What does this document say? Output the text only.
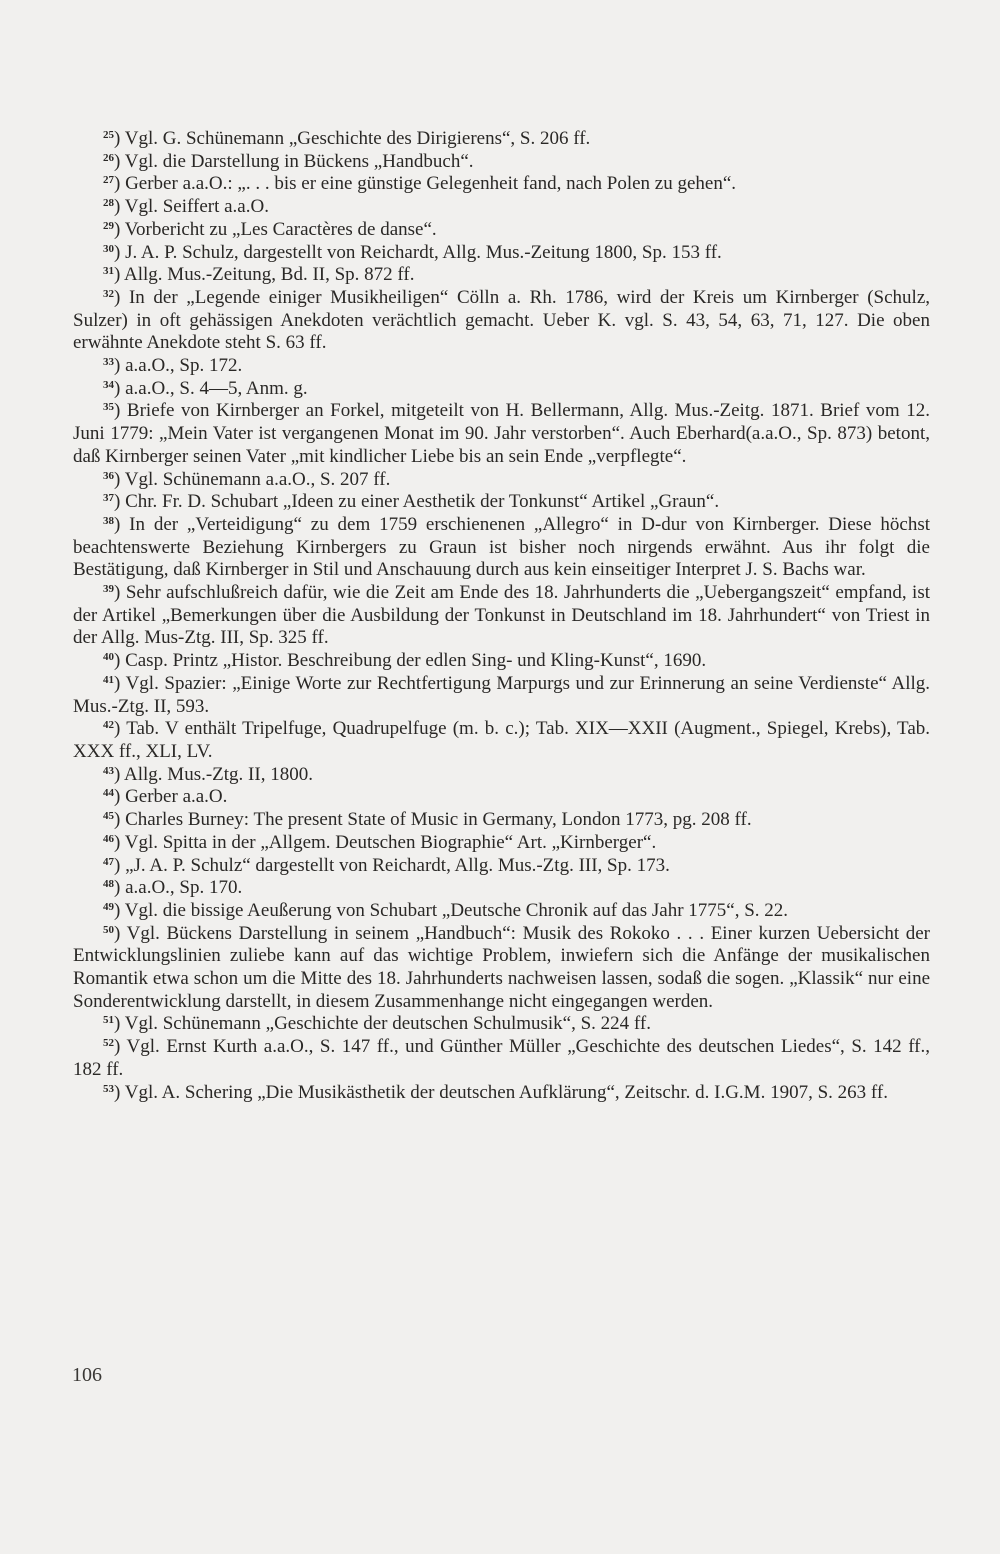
$^{25}$) Vgl. G. Schünemann „Geschichte des Dirigierens“, S. 206 ff.

$^{26}$) Vgl. die Darstellung in Bückens „Handbuch“.

$^{27}$) Gerber a.a.O.: „. . . bis er eine günstige Gelegenheit fand, nach Polen zu gehen“.

$^{28}$) Vgl. Seiffert a.a.O.

$^{29}$) Vorbericht zu „Les Caractères de danse“.

$^{30}$) J. A. P. Schulz, dargestellt von Reichardt, Allg. Mus.-Zeitung 1800, Sp. 153 ff.

$^{31}$) Allg. Mus.-Zeitung, Bd. II, Sp. 872 ff.

$^{32}$) In der „Legende einiger Musikheiligen“ Cölln a. Rh. 1786, wird der Kreis um Kirnberger (Schulz, Sulzer) in oft gehässigen Anekdoten verächtlich gemacht. Ueber K. vgl. S. 43, 54, 63, 71, 127. Die oben erwähnte Anekdote steht S. 63 ff.

$^{33}$) a.a.O., Sp. 172.

$^{34}$) a.a.O., S. 4—5, Anm. g.

$^{35}$) Briefe von Kirnberger an Forkel, mitgeteilt von H. Bellermann, Allg. Mus.-Zeitg. 1871. Brief vom 12. Juni 1779: „Mein Vater ist vergangenen Monat im 90. Jahr verstorben“. Auch Eberhard(a.a.O., Sp. 873) betont, daß Kirnberger seinen Vater „mit kindlicher Liebe bis an sein Ende „verpflegte“.

$^{36}$) Vgl. Schünemann a.a.O., S. 207 ff.

$^{37}$) Chr. Fr. D. Schubart „Ideen zu einer Aesthetik der Tonkunst“ Artikel „Graun“.

$^{38}$) In der „Verteidigung“ zu dem 1759 erschienenen „Allegro“ in D-dur von Kirnberger. Diese höchst beachtenswerte Beziehung Kirnbergers zu Graun ist bisher noch nirgends erwähnt. Aus ihr folgt die Bestätigung, daß Kirnberger in Stil und Anschauung durch aus kein einseitiger Interpret J. S. Bachs war.

$^{39}$) Sehr aufschlußreich dafür, wie die Zeit am Ende des 18. Jahrhunderts die „Uebergangszeit“ empfand, ist der Artikel „Bemerkungen über die Ausbildung der Tonkunst in Deutschland im 18. Jahrhundert“ von Triest in der Allg. Mus-Ztg. III, Sp. 325 ff.

$^{40}$) Casp. Printz „Histor. Beschreibung der edlen Sing- und Kling-Kunst“, 1690.

$^{41}$) Vgl. Spazier: „Einige Worte zur Rechtfertigung Marpurgs und zur Erinnerung an seine Verdienste“ Allg. Mus.-Ztg. II, 593.

$^{42}$) Tab. V enthält Tripelfuge, Quadrupelfuge (m. b. c.); Tab. XIX—XXII (Augment., Spiegel, Krebs), Tab. XXX ff., XLI, LV.

$^{43}$) Allg. Mus.-Ztg. II, 1800.

$^{44}$) Gerber a.a.O.

$^{45}$) Charles Burney: The present State of Music in Germany, London 1773, pg. 208 ff.

$^{46}$) Vgl. Spitta in der „Allgem. Deutschen Biographie“ Art. „Kirnberger“.

$^{47}$) „J. A. P. Schulz“ dargestellt von Reichardt, Allg. Mus.-Ztg. III, Sp. 173.

$^{48}$) a.a.O., Sp. 170.

$^{49}$) Vgl. die bissige Aeußerung von Schubart „Deutsche Chronik auf das Jahr 1775“, S. 22.

$^{50}$) Vgl. Bückens Darstellung in seinem „Handbuch“: Musik des Rokoko . . . Einer kurzen Uebersicht der Entwicklungslinien zuliebe kann auf das wichtige Problem, inwiefern sich die Anfänge der musikalischen Romantik etwa schon um die Mitte des 18. Jahrhunderts nachweisen lassen, sodaß die sogen. „Klassik“ nur eine Sonderentwicklung darstellt, in diesem Zusammenhange nicht eingegangen werden.

$^{51}$) Vgl. Schünemann „Geschichte der deutschen Schulmusik“, S. 224 ff.

$^{52}$) Vgl. Ernst Kurth a.a.O., S. 147 ff., und Günther Müller „Geschichte des deutschen Liedes“, S. 142 ff., 182 ff.

$^{53}$) Vgl. A. Schering „Die Musikästhetik der deutschen Aufklärung“, Zeitschr. d. I.G.M. 1907, S. 263 ff.

106
